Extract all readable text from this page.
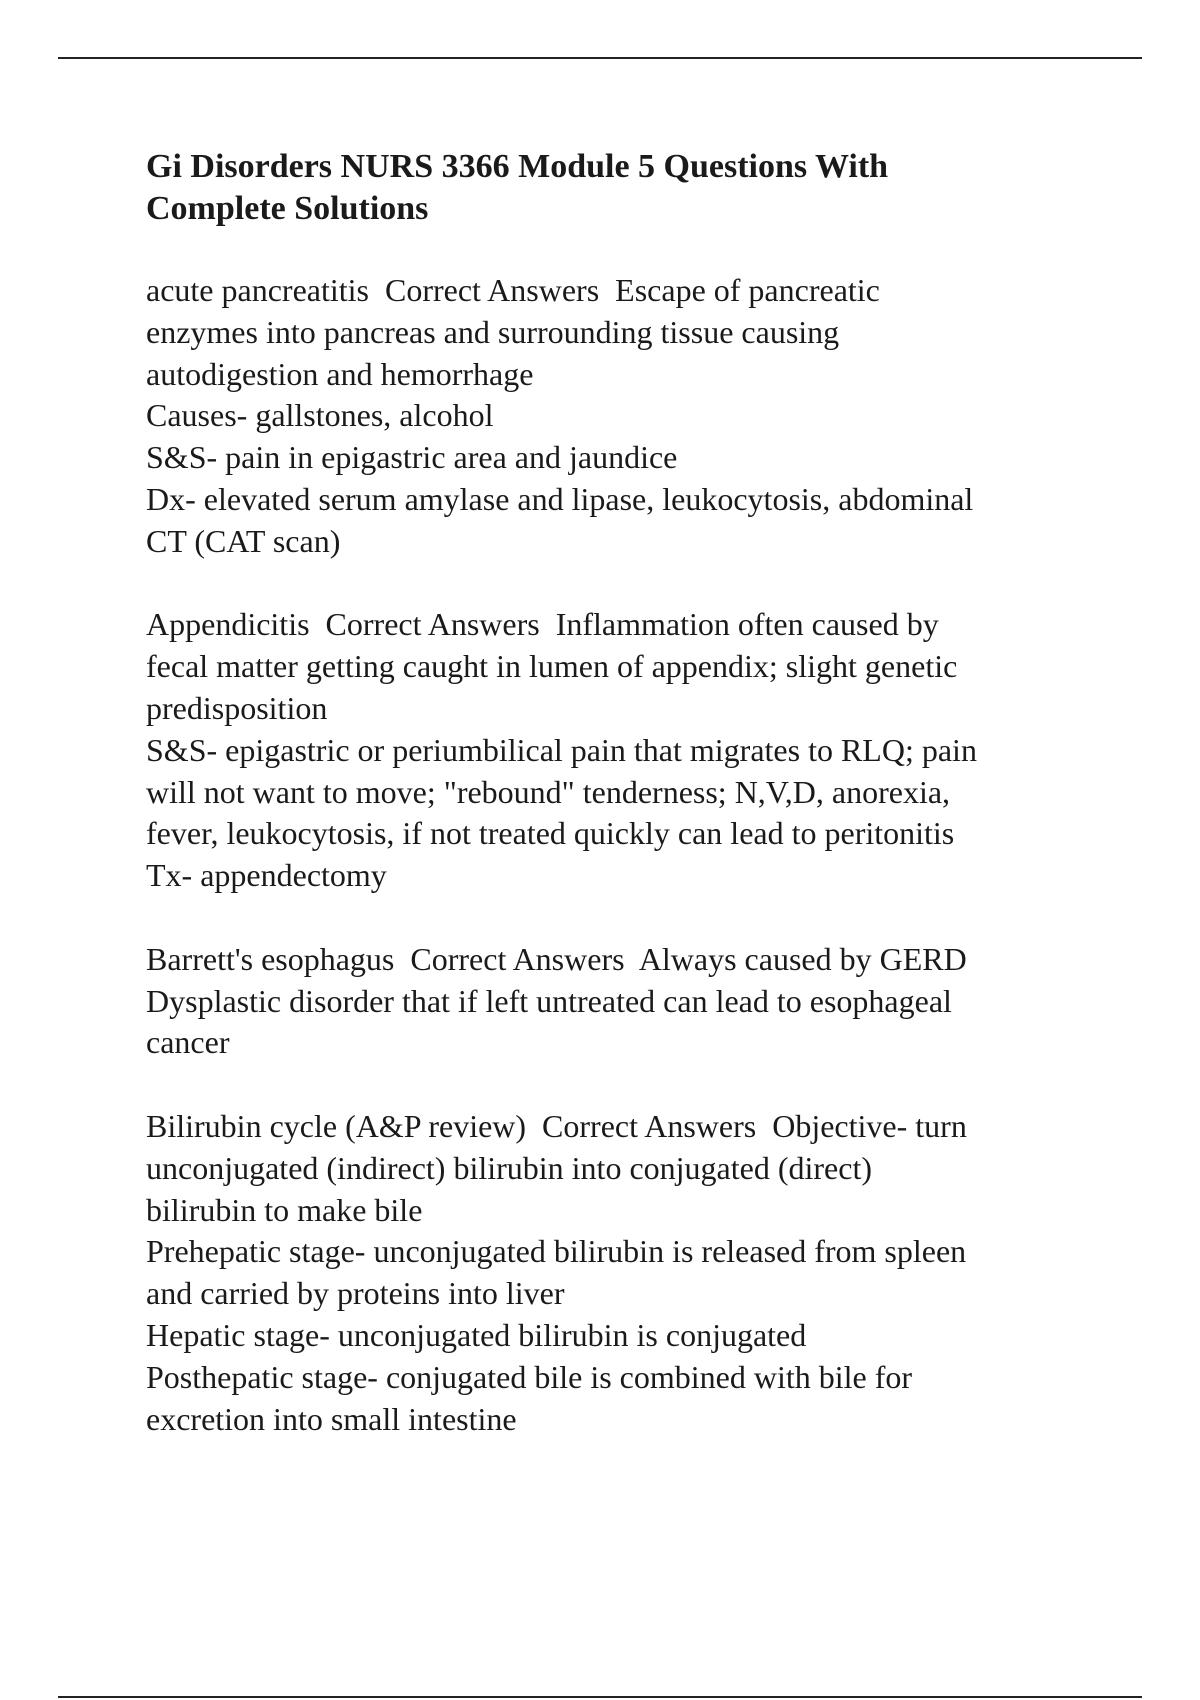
Gi Disorders NURS 3366 Module 5 Questions With
Complete Solutions
acute pancreatitis  Correct Answers  Escape of pancreatic
enzymes into pancreas and surrounding tissue causing
autodigestion and hemorrhage
Causes- gallstones, alcohol
S&S- pain in epigastric area and jaundice
Dx- elevated serum amylase and lipase, leukocytosis, abdominal
CT (CAT scan)
Appendicitis  Correct Answers  Inflammation often caused by
fecal matter getting caught in lumen of appendix; slight genetic
predisposition
S&S- epigastric or periumbilical pain that migrates to RLQ; pain
will not want to move; "rebound" tenderness; N,V,D, anorexia,
fever, leukocytosis, if not treated quickly can lead to peritonitis
Tx- appendectomy
Barrett's esophagus  Correct Answers  Always caused by GERD
Dysplastic disorder that if left untreated can lead to esophageal
cancer
Bilirubin cycle (A&P review)  Correct Answers  Objective- turn
unconjugated (indirect) bilirubin into conjugated (direct)
bilirubin to make bile
Prehepatic stage- unconjugated bilirubin is released from spleen
and carried by proteins into liver
Hepatic stage- unconjugated bilirubin is conjugated
Posthepatic stage- conjugated bile is combined with bile for
excretion into small intestine
